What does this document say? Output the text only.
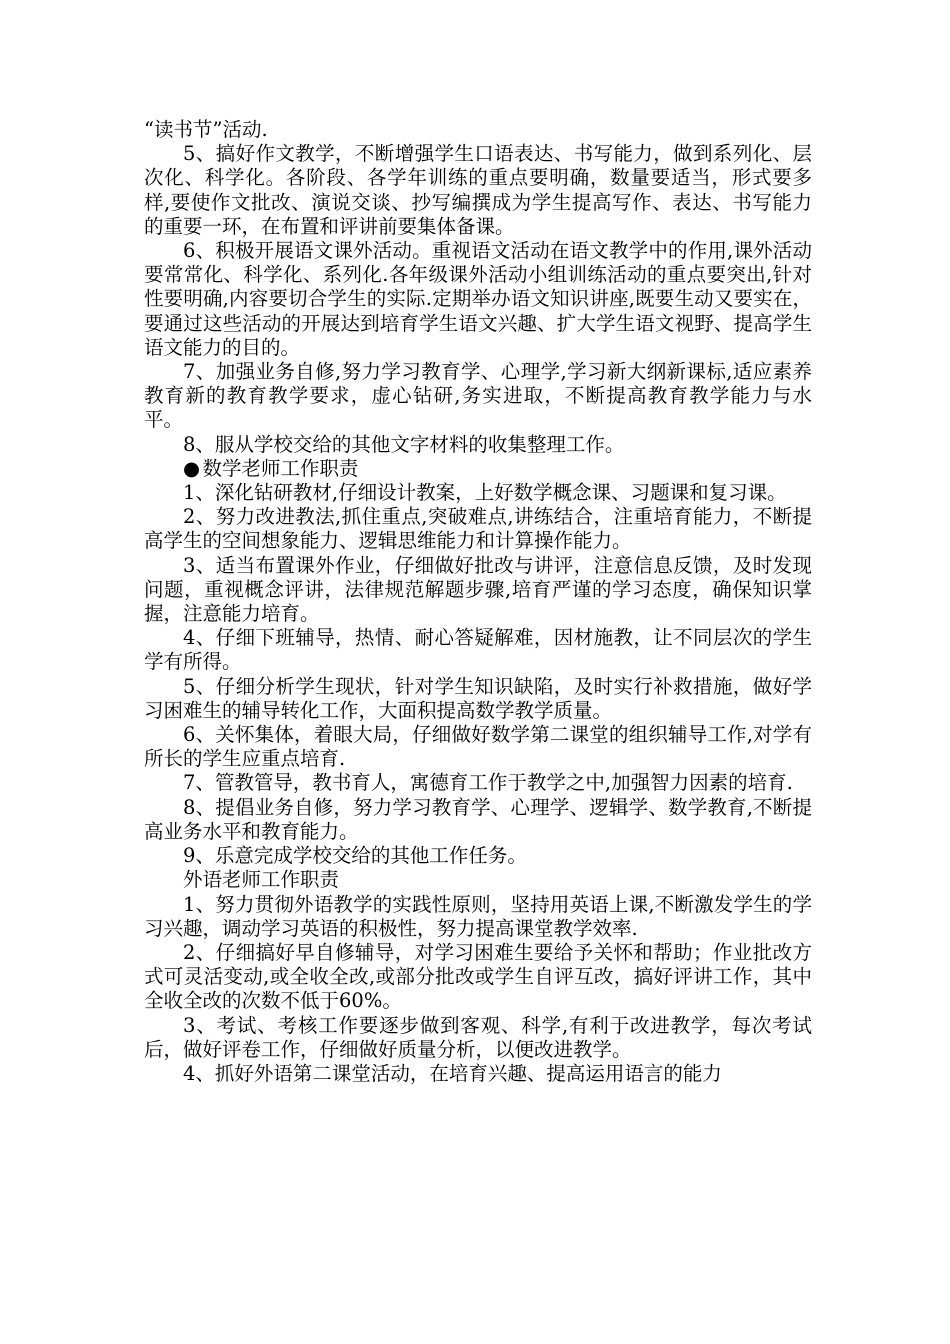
“读书节”活动.

5、搞好作文教学，不断增强学生口语表达、书写能力，做到系列化、层次化、科学化。各阶段、各学年训练的重点要明确，数量要适当，形式要多样,要使作文批改、演说交谈、抄写编撰成为学生提高写作、表达、书写能力的重要一环，在布置和评讲前要集体备课。

6、积极开展语文课外活动。重视语文活动在语文教学中的作用,课外活动要常常化、科学化、系列化.各年级课外活动小组训练活动的重点要突出,针对性要明确,内容要切合学生的实际.定期举办语文知识讲座,既要生动又要实在，要通过这些活动的开展达到培育学生语文兴趣、扩大学生语文视野、提高学生语文能力的目的。

7、加强业务自修,努力学习教育学、心理学,学习新大纲新课标,适应素养教育新的教育教学要求，虚心钻研,务实进取，不断提高教育教学能力与水平。

8、服从学校交给的其他文字材料的收集整理工作。

● 数学老师工作职责

1、深化钻研教材,仔细设计教案，上好数学概念课、习题课和复习课。

2、努力改进教法,抓住重点,突破难点,讲练结合，注重培育能力，不断提高学生的空间想象能力、逻辑思维能力和计算操作能力。

3、适当布置课外作业，仔细做好批改与讲评，注意信息反馈，及时发现问题，重视概念评讲，法律规范解题步骤,培育严谨的学习态度，确保知识掌握，注意能力培育。

4、仔细下班辅导，热情、耐心答疑解难，因材施教，让不同层次的学生学有所得。

5、仔细分析学生现状，针对学生知识缺陷，及时实行补救措施，做好学习困难生的辅导转化工作，大面积提高数学教学质量。

6、关怀集体，着眼大局，仔细做好数学第二课堂的组织辅导工作,对学有所长的学生应重点培育.

7、管教管导，教书育人，寓德育工作于教学之中,加强智力因素的培育.

8、提倡业务自修，努力学习教育学、心理学、逻辑学、数学教育,不断提高业务水平和教育能力。

9、乐意完成学校交给的其他工作任务。

外语老师工作职责

1、努力贯彻外语教学的实践性原则，坚持用英语上课,不断激发学生的学习兴趣，调动学习英语的积极性，努力提高课堂教学效率.

2、仔细搞好早自修辅导，对学习困难生要给予关怀和帮助；作业批改方式可灵活变动,或全收全改,或部分批改或学生自评互改，搞好评讲工作，其中全收全改的次数不低于60%。

3、考试、考核工作要逐步做到客观、科学,有利于改进教学，每次考试后，做好评卷工作，仔细做好质量分析，以便改进教学。

4、抓好外语第二课堂活动，在培育兴趣、提高运用语言的能力
